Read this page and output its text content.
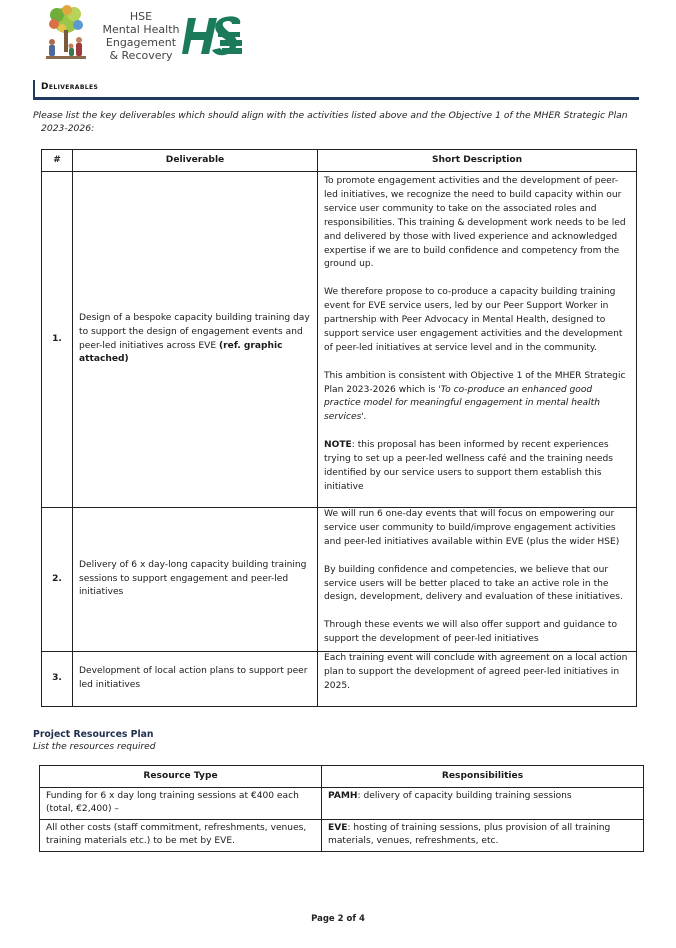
HSE
Mental Health
Engagement
& Recovery
Deliverables
Please list the key deliverables which should align with the activities listed above and the Objective 1 of the MHER Strategic Plan
2023-2026:
#	Deliverable	Short Description
1.	Design of a bespoke capacity building training day to support the design of engagement events and peer-led initiatives across EVE (ref. graphic attached)	To promote engagement activities and the development of peer-led initiatives, we recognize the need to build capacity within our service user community to take on the associated roles and responsibilities. This training & development work needs to be led and delivered by those with lived experience and acknowledged expertise if we are to build confidence and competency from the ground up.

We therefore propose to co-produce a capacity building training event for EVE service users, led by our Peer Support Worker in partnership with Peer Advocacy in Mental Health, designed to support service user engagement activities and the development of peer-led initiatives at service level and in the community.

This ambition is consistent with Objective 1 of the MHER Strategic Plan 2023-2026 which is 'To co-produce an enhanced good practice model for meaningful engagement in mental health services'.

NOTE: this proposal has been informed by recent experiences trying to set up a peer-led wellness café and the training needs identified by our service users to support them establish this initiative

2.	Delivery of 6 x day-long capacity building training sessions to support engagement and peer-led initiatives	We will run 6 one-day events that will focus on empowering our service user community to build/improve engagement activities and peer-led initiatives available within EVE (plus the wider HSE)

By building confidence and competencies, we believe that our service users will be better placed to take an active role in the design, development, delivery and evaluation of these initiatives.

Through these events we will also offer support and guidance to support the development of peer-led initiatives

3.	Development of local action plans to support peer led initiatives	Each training event will conclude with agreement on a local action plan to support the development of agreed peer-led initiatives in 2025.

Project Resources Plan
List the resources required
Resource Type	Responsibilities
Funding for 6 x day long training sessions at €400 each (total, €2,400) –	PAMH: delivery of capacity building training sessions
All other costs (staff commitment, refreshments, venues, training materials etc.) to be met by EVE.	EVE: hosting of training sessions, plus provision of all training materials, venues, refreshments, etc.
Page 2 of 4
